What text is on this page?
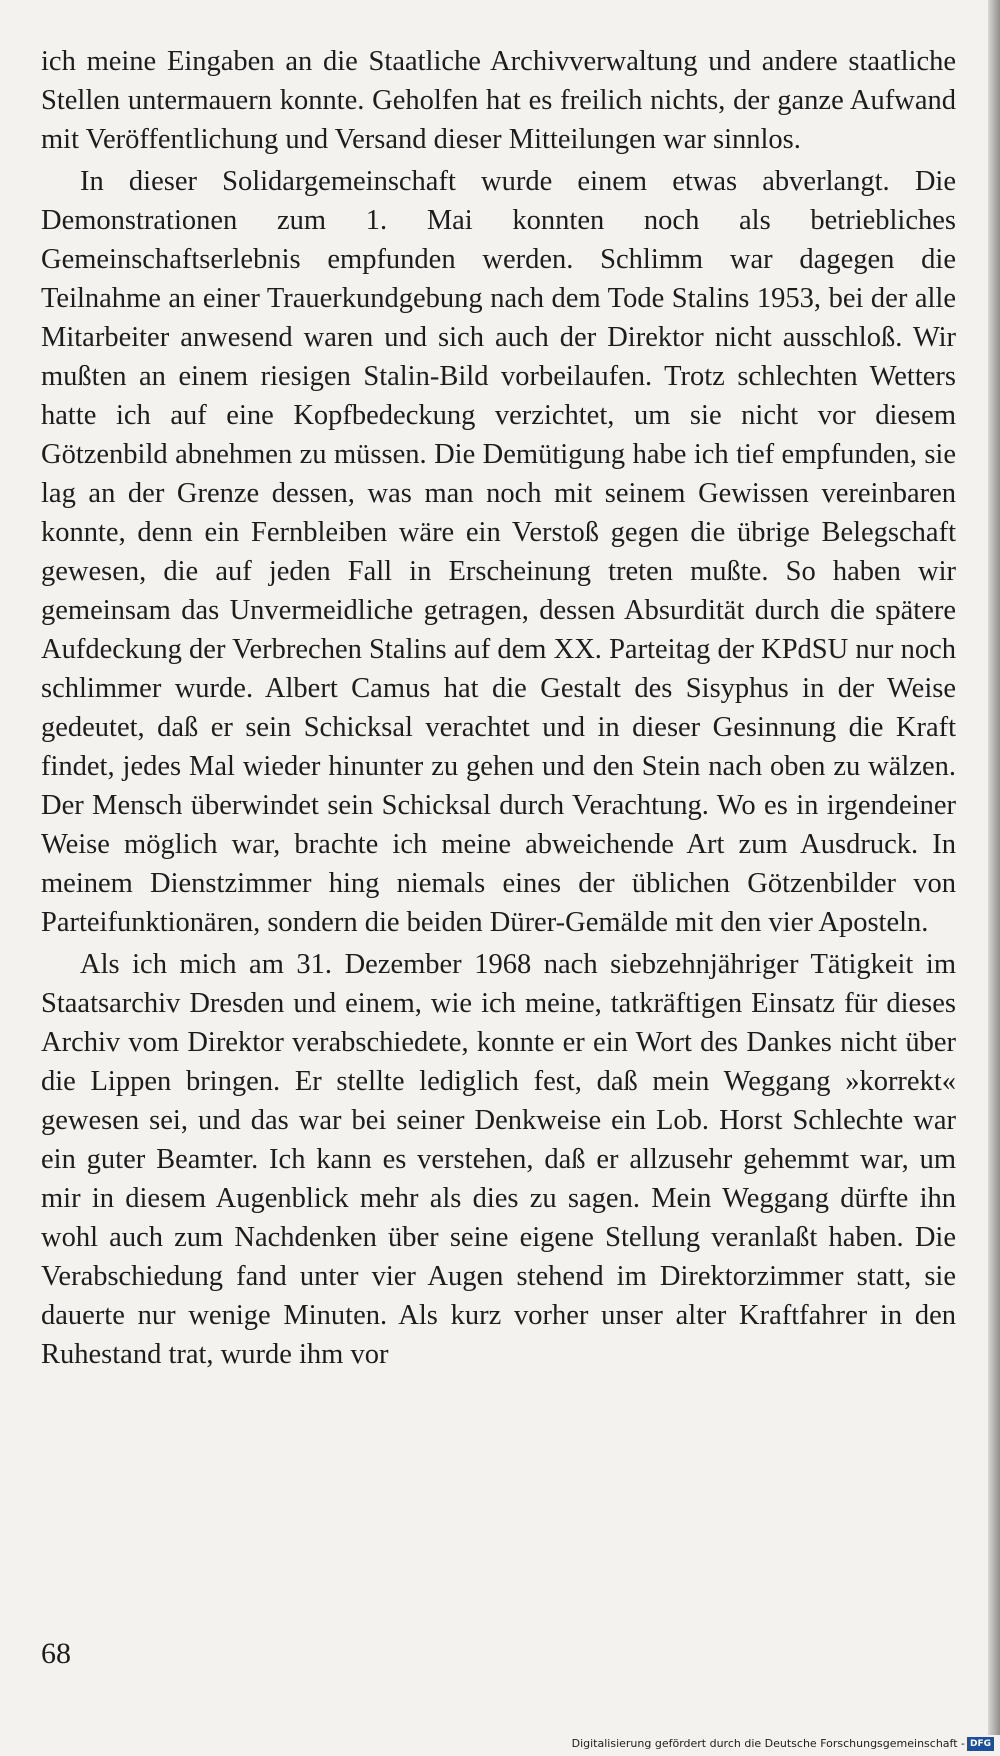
ich meine Eingaben an die Staatliche Archivverwaltung und andere staatliche Stellen untermauern konnte. Geholfen hat es freilich nichts, der ganze Aufwand mit Veröffentlichung und Versand dieser Mitteilungen war sinnlos.

In dieser Solidargemeinschaft wurde einem etwas abverlangt. Die Demonstrationen zum 1. Mai konnten noch als betriebliches Gemeinschaftserlebnis empfunden werden. Schlimm war dagegen die Teilnahme an einer Trauerkundgebung nach dem Tode Stalins 1953, bei der alle Mitarbeiter anwesend waren und sich auch der Direktor nicht ausschloß. Wir mußten an einem riesigen Stalin-Bild vorbeilaufen. Trotz schlechten Wetters hatte ich auf eine Kopfbedeckung verzichtet, um sie nicht vor diesem Götzenbild abnehmen zu müssen. Die Demütigung habe ich tief empfunden, sie lag an der Grenze dessen, was man noch mit seinem Gewissen vereinbaren konnte, denn ein Fernbleiben wäre ein Verstoß gegen die übrige Belegschaft gewesen, die auf jeden Fall in Erscheinung treten mußte. So haben wir gemeinsam das Unvermeidliche getragen, dessen Absurdität durch die spätere Aufdeckung der Verbrechen Stalins auf dem XX. Parteitag der KPdSU nur noch schlimmer wurde. Albert Camus hat die Gestalt des Sisyphus in der Weise gedeutet, daß er sein Schicksal verachtet und in dieser Gesinnung die Kraft findet, jedes Mal wieder hinunter zu gehen und den Stein nach oben zu wälzen. Der Mensch überwindet sein Schicksal durch Verachtung. Wo es in irgendeiner Weise möglich war, brachte ich meine abweichende Art zum Ausdruck. In meinem Dienstzimmer hing niemals eines der üblichen Götzenbilder von Parteifunktionären, sondern die beiden Dürer-Gemälde mit den vier Aposteln.

Als ich mich am 31. Dezember 1968 nach siebzehnjähriger Tätigkeit im Staatsarchiv Dresden und einem, wie ich meine, tatkräftigen Einsatz für dieses Archiv vom Direktor verabschiedete, konnte er ein Wort des Dankes nicht über die Lippen bringen. Er stellte lediglich fest, daß mein Weggang »korrekt« gewesen sei, und das war bei seiner Denkweise ein Lob. Horst Schlechte war ein guter Beamter. Ich kann es verstehen, daß er allzusehr gehemmt war, um mir in diesem Augenblick mehr als dies zu sagen. Mein Weggang dürfte ihn wohl auch zum Nachdenken über seine eigene Stellung veranlaßt haben. Die Verabschiedung fand unter vier Augen stehend im Direktorzimmer statt, sie dauerte nur wenige Minuten. Als kurz vorher unser alter Kraftfahrer in den Ruhestand trat, wurde ihm vor

68
Digitalisierung gefördert durch die Deutsche Forschungsgemeinschaft - DFG
